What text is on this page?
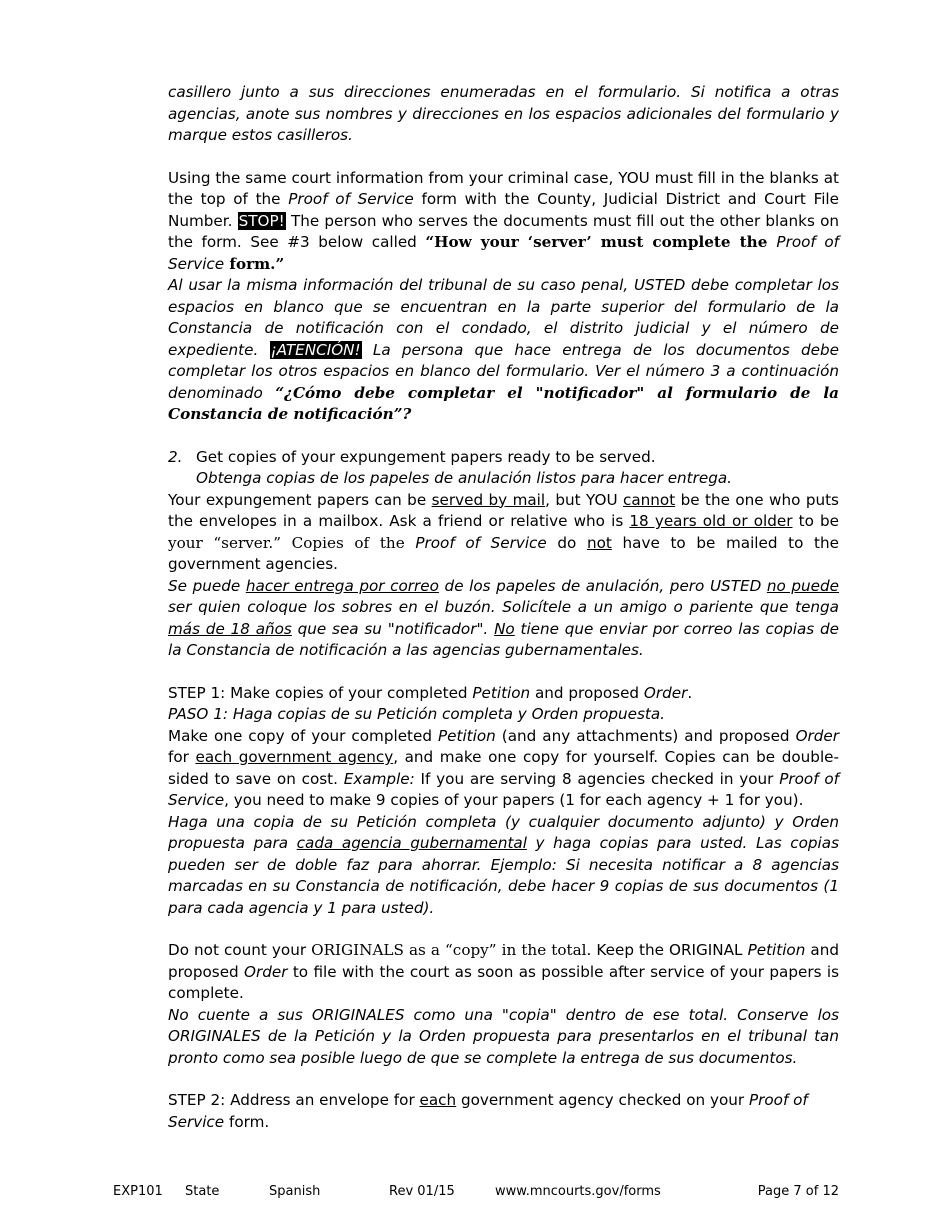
casillero junto a sus direcciones enumeradas en el formulario. Si notifica a otras agencias, anote sus nombres y direcciones en los espacios adicionales del formulario y marque estos casilleros.

Using the same court information from your criminal case, YOU must fill in the blanks at the top of the Proof of Service form with the County, Judicial District and Court File Number. STOP! The person who serves the documents must fill out the other blanks on the form. See #3 below called “How your ‘server’ must complete the Proof of Service form.”

Al usar la misma información del tribunal de su caso penal, USTED debe completar los espacios en blanco que se encuentran en la parte superior del formulario de la Constancia de notificación con el condado, el distrito judicial y el número de expediente. ¡ATENCIÓN! La persona que hace entrega de los documentos debe completar los otros espacios en blanco del formulario. Ver el número 3 a continuación denominado “¿Cómo debe completar el "notificador" al formulario de la Constancia de notificación”?

2. Get copies of your expungement papers ready to be served.
Obtenga copias de los papeles de anulación listos para hacer entrega.

Your expungement papers can be served by mail, but YOU cannot be the one who puts the envelopes in a mailbox. Ask a friend or relative who is 18 years old or older to be your “server.” Copies of the Proof of Service do not have to be mailed to the government agencies.

Se puede hacer entrega por correo de los papeles de anulación, pero USTED no puede ser quien coloque los sobres en el buzón. Solicítele a un amigo o pariente que tenga más de 18 años que sea su "notificador". No tiene que enviar por correo las copias de la Constancia de notificación a las agencias gubernamentales.

STEP 1: Make copies of your completed Petition and proposed Order.
PASO 1: Haga copias de su Petición completa y Orden propuesta.

Make one copy of your completed Petition (and any attachments) and proposed Order for each government agency, and make one copy for yourself. Copies can be double-sided to save on cost. Example: If you are serving 8 agencies checked in your Proof of Service, you need to make 9 copies of your papers (1 for each agency + 1 for you).

Haga una copia de su Petición completa (y cualquier documento adjunto) y Orden propuesta para cada agencia gubernamental y haga copias para usted. Las copias pueden ser de doble faz para ahorrar. Ejemplo: Si necesita notificar a 8 agencias marcadas en su Constancia de notificación, debe hacer 9 copias de sus documentos (1 para cada agencia y 1 para usted).

Do not count your ORIGINALS as a “copy” in the total. Keep the ORIGINAL Petition and proposed Order to file with the court as soon as possible after service of your papers is complete.

No cuente a sus ORIGINALES como una "copia" dentro de ese total. Conserve los ORIGINALES de la Petición y la Orden propuesta para presentarlos en el tribunal tan pronto como sea posible luego de que se complete la entrega de sus documentos.

STEP 2: Address an envelope for each government agency checked on your Proof of Service form.
EXP101 State	Spanish	Rev 01/15	www.mncourts.gov/forms	Page 7 of 12
